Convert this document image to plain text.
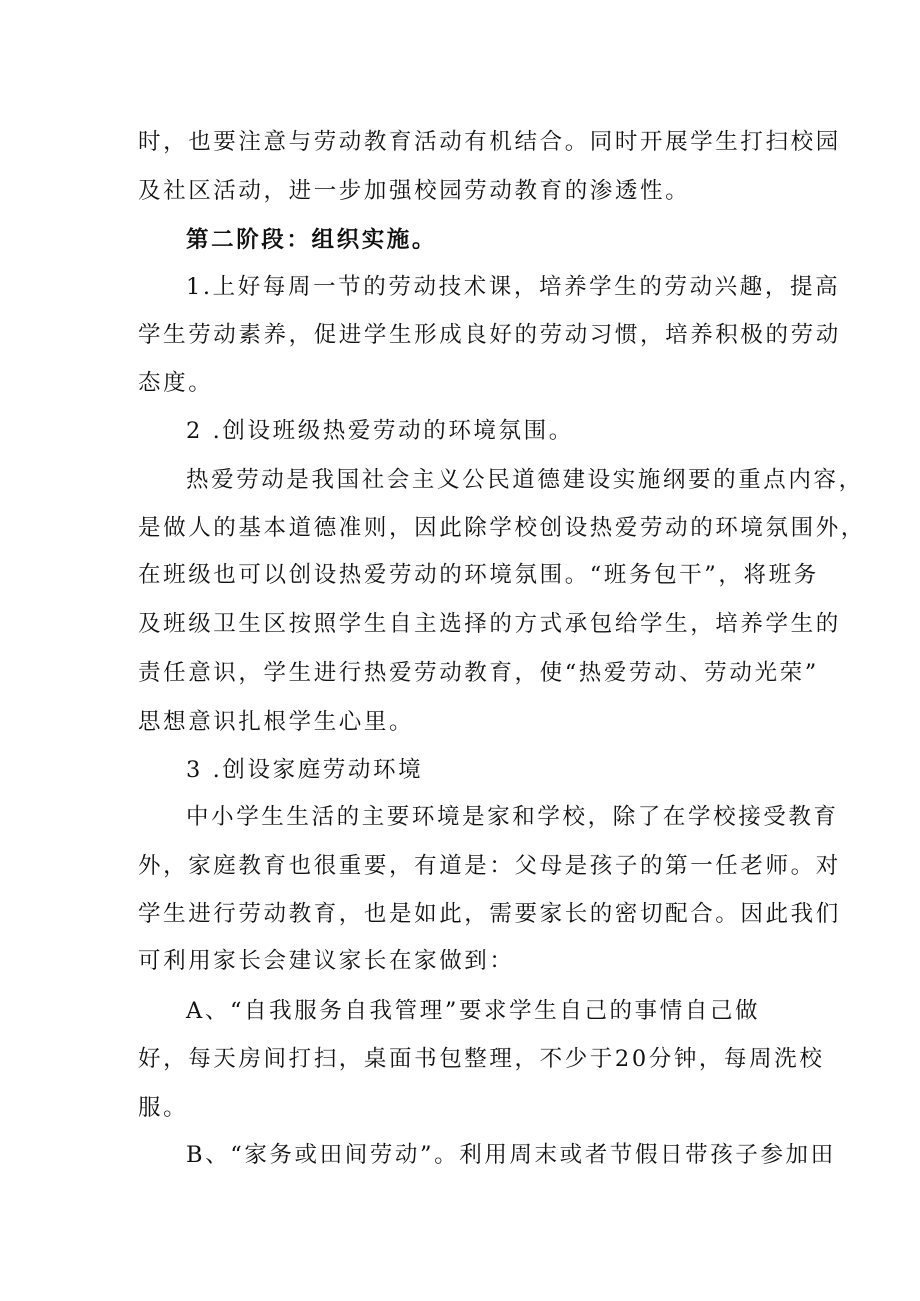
时，也要注意与劳动教育活动有机结合。同时开展学生打扫校园
及社区活动，进一步加强校园劳动教育的渗透性。
第二阶段：组织实施。
1.上好每周一节的劳动技术课，培养学生的劳动兴趣，提高
学生劳动素养，促进学生形成良好的劳动习惯，培养积极的劳动
态度。
2 .创设班级热爱劳动的环境氛围。
热爱劳动是我国社会主义公民道德建设实施纲要的重点内容，
是做人的基本道德准则，因此除学校创设热爱劳动的环境氛围外，
在班级也可以创设热爱劳动的环境氛围。“班务包干”，将班务
及班级卫生区按照学生自主选择的方式承包给学生，培养学生的
责任意识，学生进行热爱劳动教育，使“热爱劳动、劳动光荣”
思想意识扎根学生心里。
3 .创设家庭劳动环境
中小学生生活的主要环境是家和学校，除了在学校接受教育
外，家庭教育也很重要，有道是：父母是孩子的第一任老师。对
学生进行劳动教育，也是如此，需要家长的密切配合。因此我们
可利用家长会建议家长在家做到：
A、“自我服务自我管理”要求学生自己的事情自己做
好，每天房间打扫，桌面书包整理，不少于20分钟，每周洗校
服。
B、“家务或田间劳动”。利用周末或者节假日带孩子参加田
